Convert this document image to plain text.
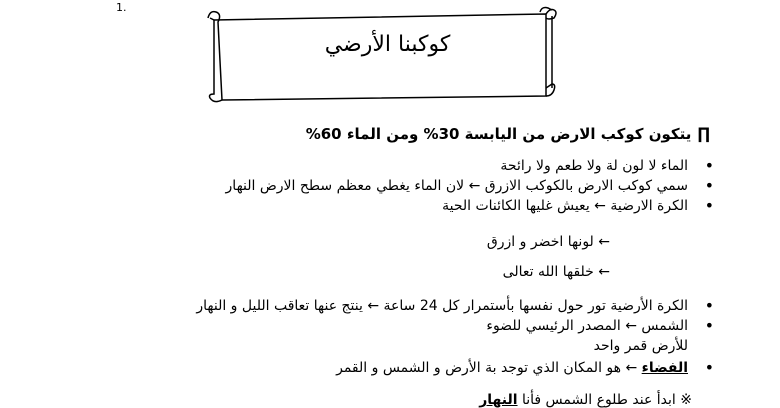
1.
كوكبنا الأرضي
∏يتكون كوكب الارض من اليابسة 30% ومن الماء 60%
• الماء لا لون لة ولا طعم ولا رائحة
• سمي كوكب الارض بالكوكب الازرق ← لان الماء يغطي معظم سطح الارض النهار
• الكرة الارضية ← يعيش غليها الكائنات الحية
← لونها اخضر و ازرق
← خلقها الله تعالى
• الكرة الأرضية تور حول نفسها بأستمرار كل 24 ساعة ← ينتج عنها تعاقب الليل و النهار
• الشمس ← المصدر الرئيسي للضوء
للأرض قمر واحد
• الفضاء ← هو المكان الذي توجد بة الأرض و الشمس و القمر
※ ابدأ عند طلوع الشمس فأنا النهار
